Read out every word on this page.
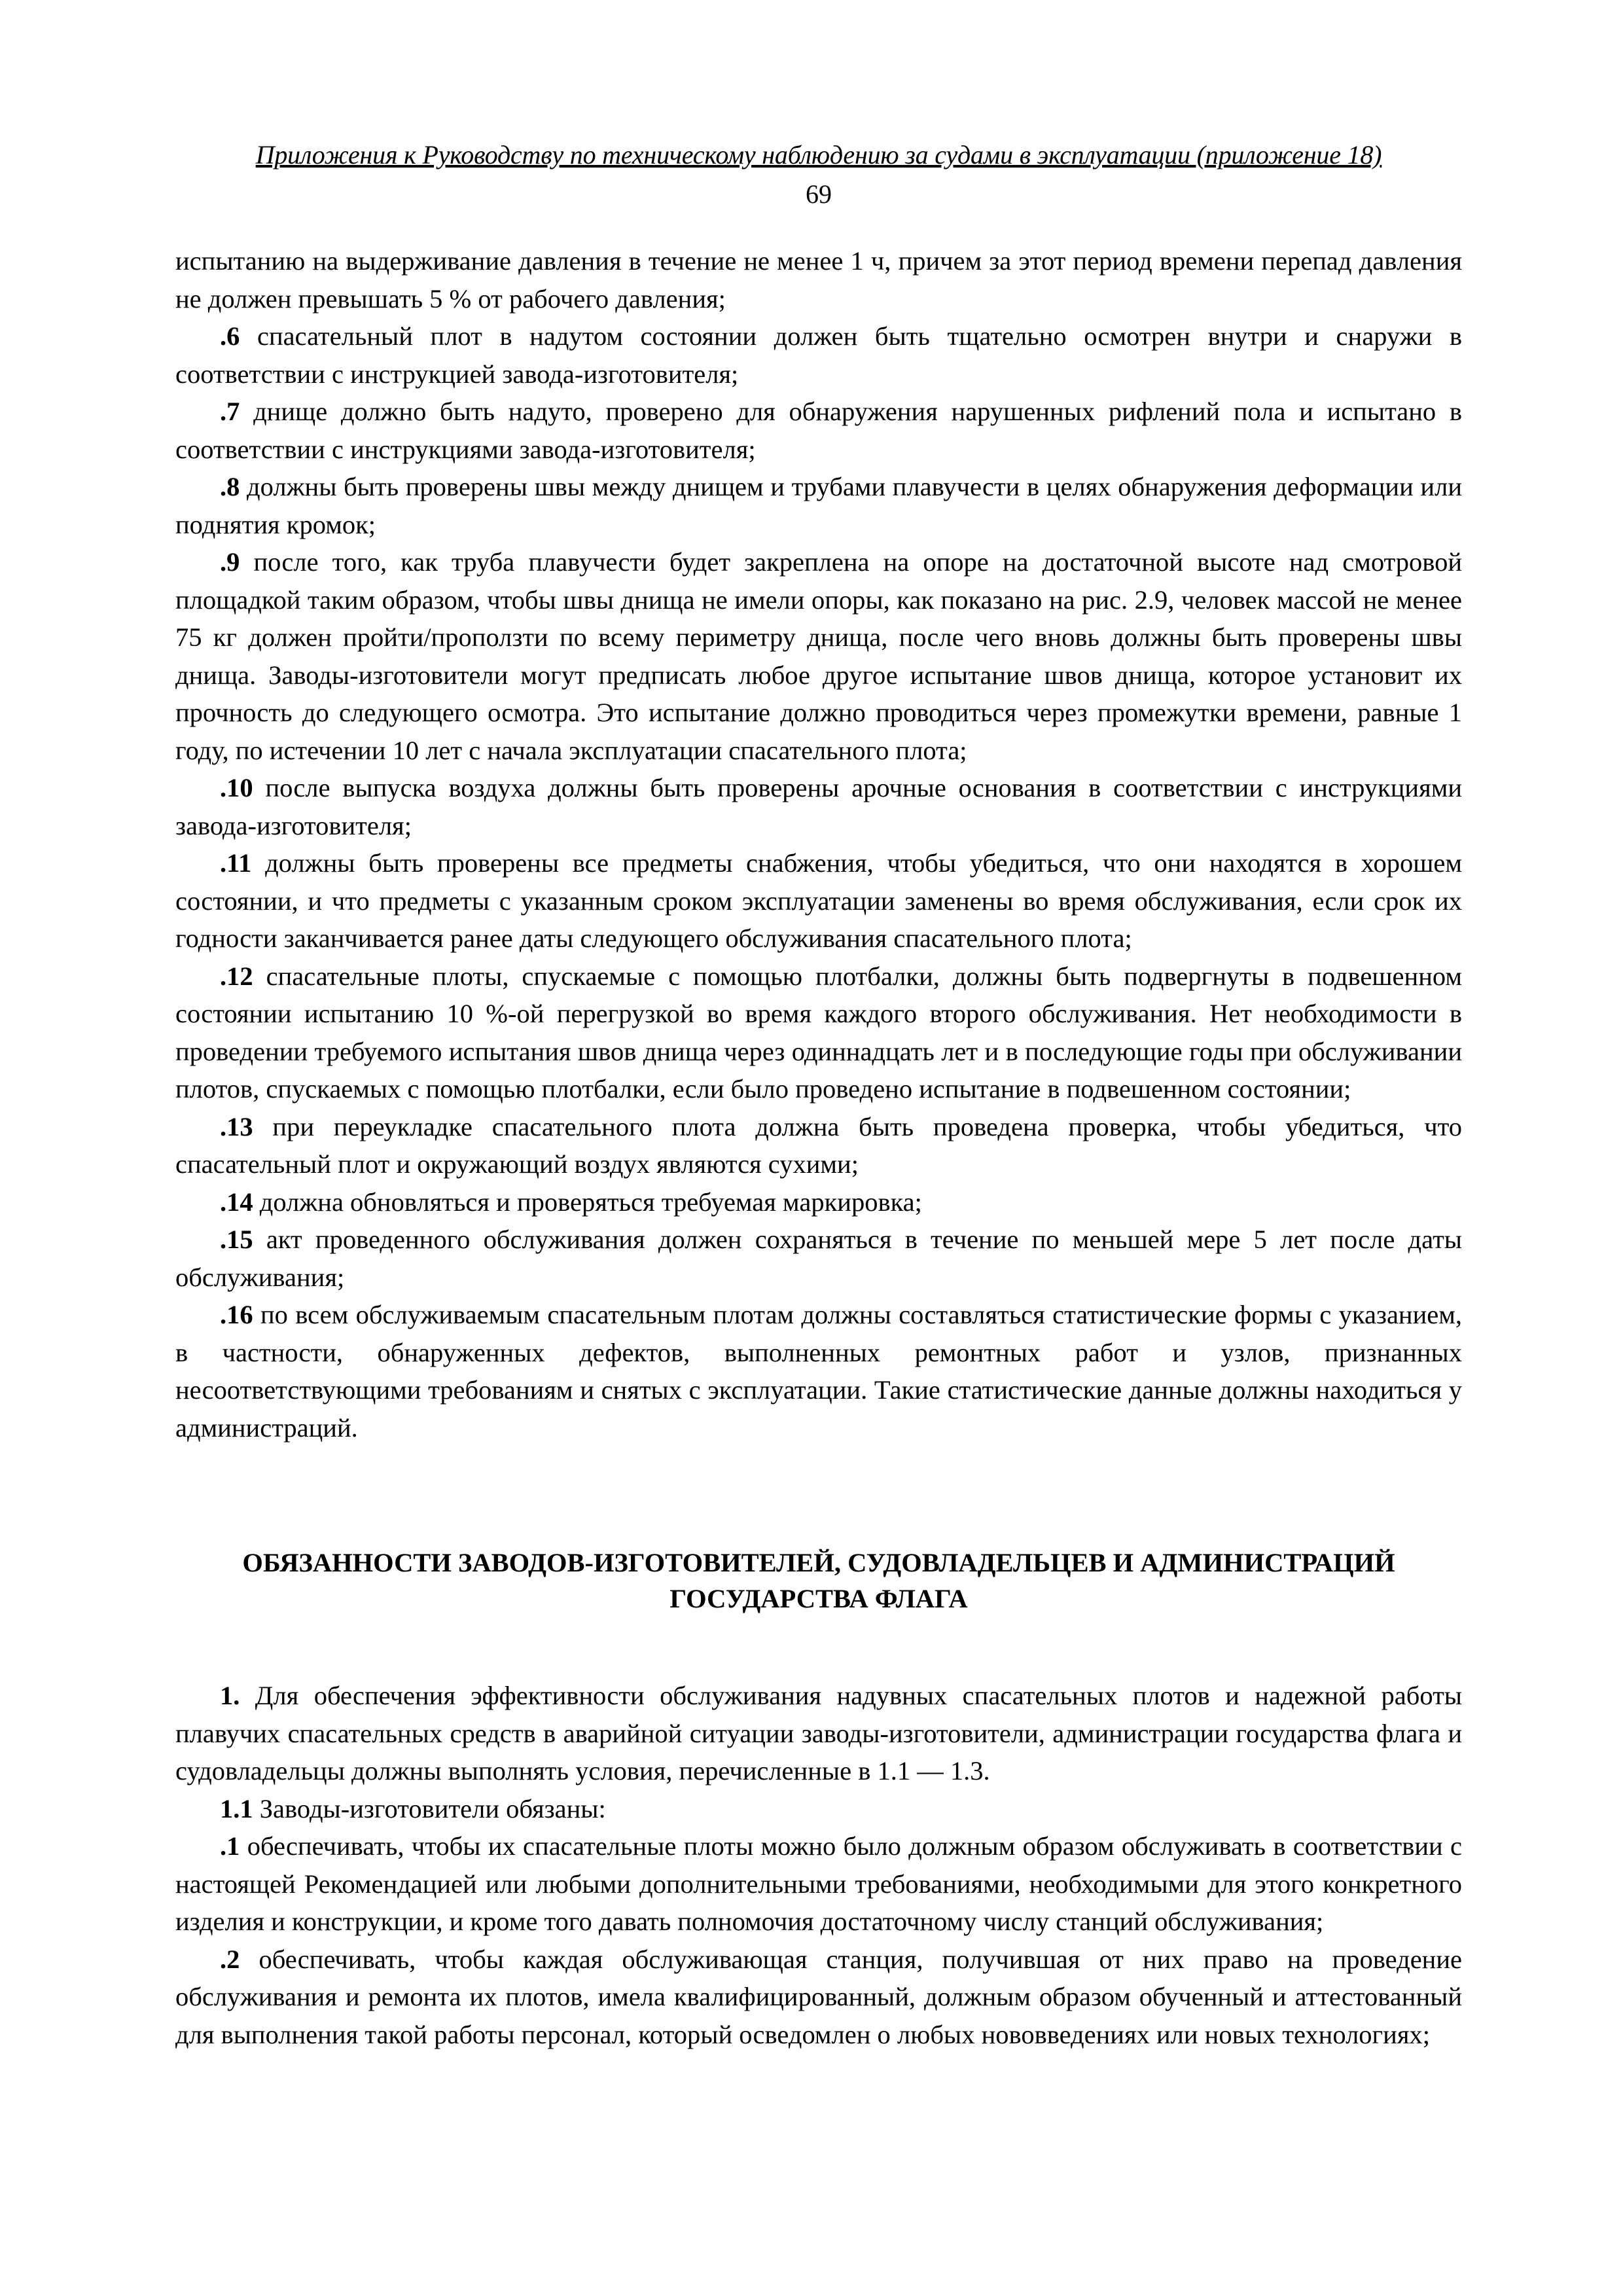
Приложения к Руководству по техническому наблюдению за судами в эксплуатации (приложение 18)
69

испытанию на выдерживание давления в течение не менее 1 ч, причем за этот период времени перепад давления не должен превышать 5 % от рабочего давления;

.6 спасательный плот в надутом состоянии должен быть тщательно осмотрен внутри и снаружи в соответствии с инструкцией завода-изготовителя;

.7 днище должно быть надуто, проверено для обнаружения нарушенных рифлений пола и испытано в соответствии с инструкциями завода-изготовителя;

.8 должны быть проверены швы между днищем и трубами плавучести в целях обнаружения деформации или поднятия кромок;

.9 после того, как труба плавучести будет закреплена на опоре на достаточной высоте над смотровой площадкой таким образом, чтобы швы днища не имели опоры, как показано на рис. 2.9, человек массой не менее 75 кг должен пройти/проползти по всему периметру днища, после чего вновь должны быть проверены швы днища. Заводы-изготовители могут предписать любое другое испытание швов днища, которое установит их прочность до следующего осмотра. Это испытание должно проводиться через промежутки времени, равные 1 году, по истечении 10 лет с начала эксплуатации спасательного плота;

.10 после выпуска воздуха должны быть проверены арочные основания в соответствии с инструкциями завода-изготовителя;

.11 должны быть проверены все предметы снабжения, чтобы убедиться, что они находятся в хорошем состоянии, и что предметы с указанным сроком эксплуатации заменены во время обслуживания, если срок их годности заканчивается ранее даты следующего обслуживания спасательного плота;

.12 спасательные плоты, спускаемые с помощью плотбалки, должны быть подвергнуты в подвешенном состоянии испытанию 10 %-ой перегрузкой во время каждого второго обслуживания. Нет необходимости в проведении требуемого испытания швов днища через одиннадцать лет и в последующие годы при обслуживании плотов, спускаемых с помощью плотбалки, если было проведено испытание в подвешенном состоянии;

.13 при переукладке спасательного плота должна быть проведена проверка, чтобы убедиться, что спасательный плот и окружающий воздух являются сухими;

.14 должна обновляться и проверяться требуемая маркировка;

.15 акт проведенного обслуживания должен сохраняться в течение по меньшей мере 5 лет после даты обслуживания;

.16 по всем обслуживаемым спасательным плотам должны составляться статистические формы с указанием, в частности, обнаруженных дефектов, выполненных ремонтных работ и узлов, признанных несоответствующими требованиям и снятых с эксплуатации. Такие статистические данные должны находиться у администраций.

ОБЯЗАННОСТИ ЗАВОДОВ-ИЗГОТОВИТЕЛЕЙ, СУДОВЛАДЕЛЬЦЕВ И АДМИНИСТРАЦИЙ
ГОСУДАРСТВА ФЛАГА

1. Для обеспечения эффективности обслуживания надувных спасательных плотов и надежной работы плавучих спасательных средств в аварийной ситуации заводы-изготовители, администрации государства флага и судовладельцы должны выполнять условия, перечисленные в 1.1 — 1.3.

1.1 Заводы-изготовители обязаны:

.1 обеспечивать, чтобы их спасательные плоты можно было должным образом обслуживать в соответствии с настоящей Рекомендацией или любыми дополнительными требованиями, необходимыми для этого конкретного изделия и конструкции, и кроме того давать полномочия достаточному числу станций обслуживания;

.2 обеспечивать, чтобы каждая обслуживающая станция, получившая от них право на проведение обслуживания и ремонта их плотов, имела квалифицированный, должным образом обученный и аттестованный для выполнения такой работы персонал, который осведомлен о любых нововведениях или новых технологиях;
